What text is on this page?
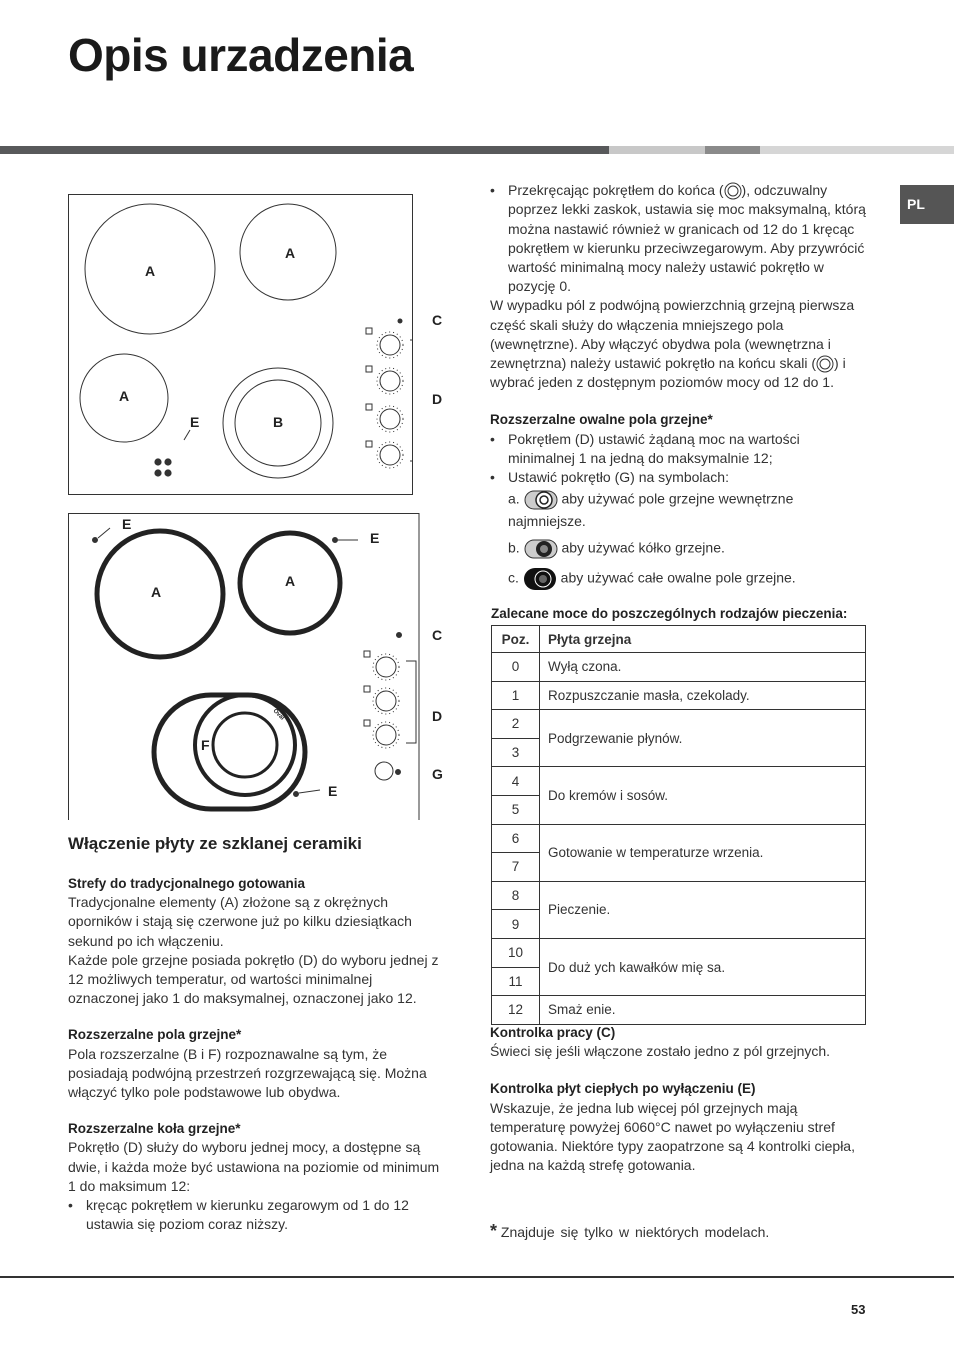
Opis urzadzenia
PL
A
A
A
B
C
D
E
Oval
E
E
A
A
C
D
F
G
E
Włączenie płyty ze szklanej ceramiki
Strefy do tradycjonalnego gotowania

Tradycjonalne elementy (A) złożone są z okrężnych oporników i stają się czerwone już po kilku dziesiątkach sekund po ich włączeniu.

Każde pole grzejne posiada pokrętło (D) do wyboru jednej z 12 możliwych temperatur, od wartości minimalnej oznaczonej jako 1 do maksymalnej, oznaczonej jako 12.

Rozszerzalne pola grzejne*

Pola rozszerzalne (B i F) rozpoznawalne są tym, że posiadają podwójną przestrzeń rozgrzewającą się. Można włączyć tylko pole podstawowe lub obydwa.

Rozszerzalne koła grzejne*

Pokrętło (D) służy do wyboru jednej mocy, a dostępne są dwie, i każda może być ustawiona na poziomie od minimum 1 do maksimum 12:

• kręcąc pokrętłem w kierunku zegarowym od 1 do 12 ustawia się poziom coraz niższy.
• Przekręcając pokrętłem do końca ( ), odczuwalny poprzez lekki zaskok, ustawia się moc maksymalną, którą można nastawić również w granicach od 12 do 1 kręcąc pokrętłem w kierunku przeciwzegarowym. Aby przywrócić wartość minimalną mocy należy ustawić pokrętło w pozycję 0.

W wypadku pól z podwójną powierzchnią grzejną pierwsza część skali służy do włączenia mniejszego pola (wewnętrzne). Aby włączyć obydwa pola (wewnętrzna i zewnętrzna) należy ustawić pokrętło na końcu skali ( ) i wybrać jeden z dostępnym poziomów mocy od 12 do 1.

Rozszerzalne owalne pola grzejne*
• Pokrętłem (D) ustawić żądaną moc na wartości minimalnej 1 na jedną do maksymalnie 12;
• Ustawić pokrętło (G) na symbolach:
a.	aby używać pole grzejne wewnętrzne najmniejsze.
b.	aby używać kółko grzejne.
c.	aby używać całe owalne pole grzejne.
Zalecane moce do poszczególnych rodzajów pieczenia:
Poz.	Płyta grzejna
0	Wyłą czona.
1	Rozpuszczanie masła, czekolady.
2	Podgrzewanie płynów.
3	
4	Do kremów i sosów.
5	
6	Gotowanie w temperaturze wrzenia.
7	
8	Pieczenie.
9	
10	Do duż ych kawałków mię sa.
11	
12	Smaż enie.
Kontrolka pracy (C)

Świeci się jeśli włączone zostało jedno z pól grzejnych.

Kontrolka płyt ciepłych po wyłączeniu (E)

Wskazuje, że jedna lub więcej pól grzejnych mają temperaturę powyżej 6060°C nawet po wyłączeniu stref gotowania. Niektóre typy zaopatrzone są 4 kontrolki ciepła, jedna na każdą strefę gotowania.

* Znajduje się tylko w niektórych modelach.
53
